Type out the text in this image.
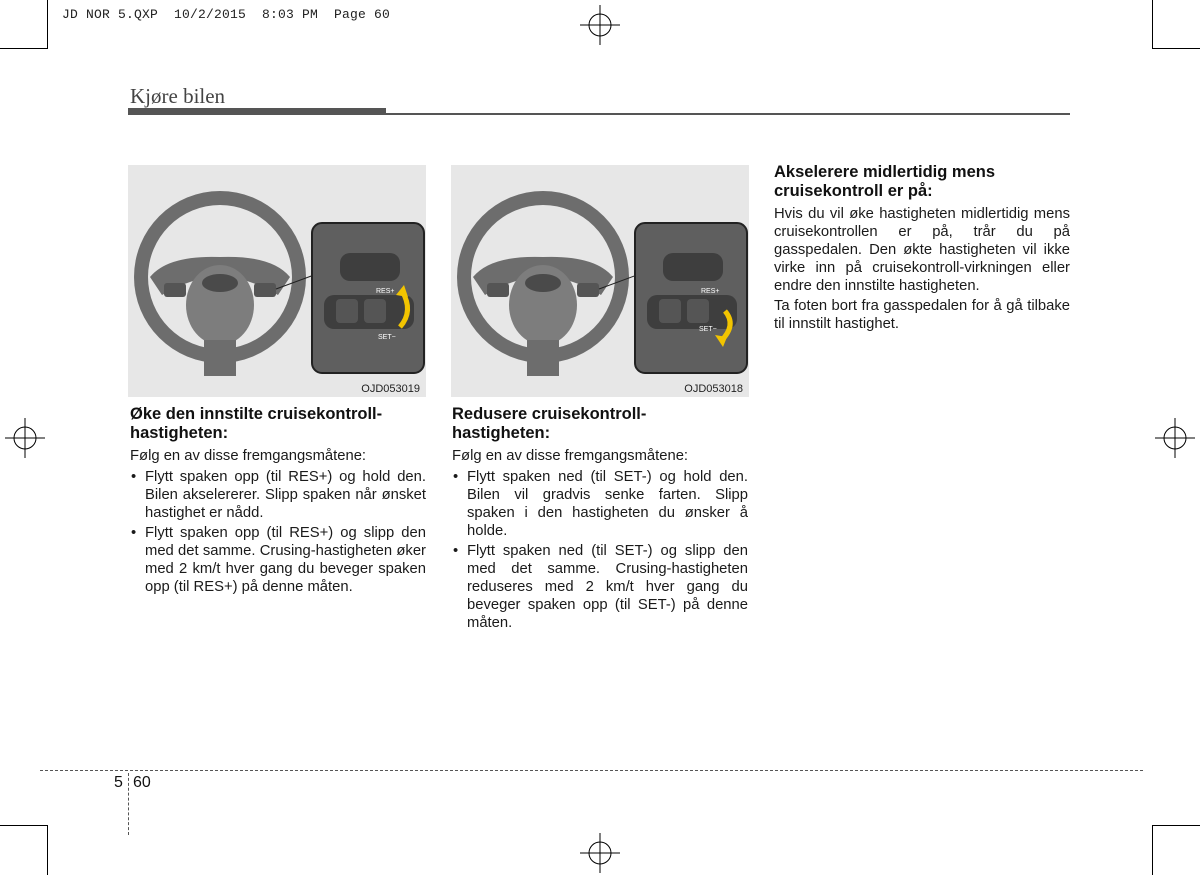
JD NOR 5.QXP  10/2/2015  8:03 PM  Page 60
Kjøre bilen
RES+
SET−
OJD053019
RES+
SET−
OJD053018
Øke den innstilte cruisekontroll-hastigheten:
Følg en av disse fremgangsmåtene:
• Flytt spaken opp (til RES+) og hold den. Bilen akselererer. Slipp spaken når ønsket hastighet er nådd.
• Flytt spaken opp (til RES+) og slipp den med det samme. Crusing-hastigheten øker med 2 km/t hver gang du beveger spaken opp (til RES+) på denne måten.
Redusere cruisekontroll-hastigheten:
Følg en av disse fremgangsmåtene:
• Flytt spaken ned (til SET-) og hold den. Bilen vil gradvis senke farten. Slipp spaken i den hastigheten du ønsker å holde.
• Flytt spaken ned (til SET-) og slipp den med det samme. Crusing-hastigheten reduseres med 2 km/t hver gang du beveger spaken opp (til SET-) på denne måten.
Akselerere midlertidig mens cruisekontroll er på:
Hvis du vil øke hastigheten midlertidig mens cruisekontrollen er på, trår du på gasspedalen. Den økte hastigheten vil ikke virke inn på cruisekontroll-virkningen eller endre den innstilte hastigheten.
Ta foten bort fra gasspedalen for å gå tilbake til innstilt hastighet.
5 60
